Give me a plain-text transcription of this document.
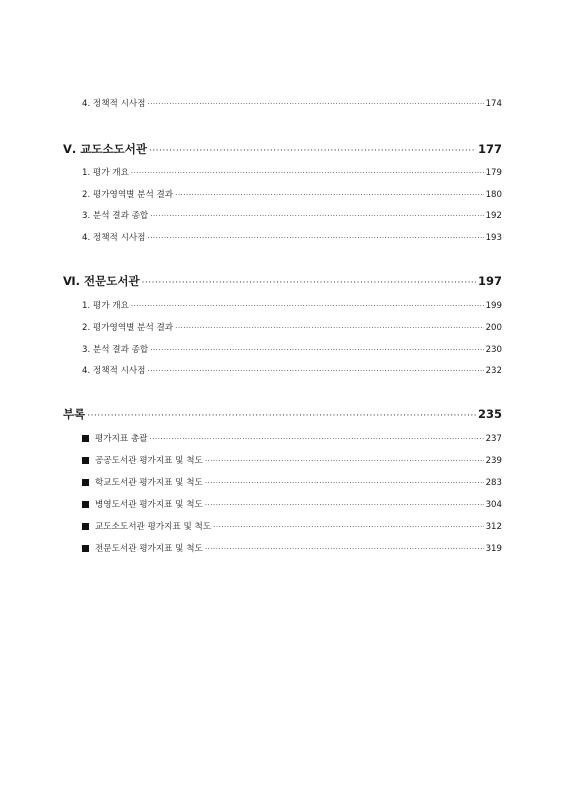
4. 정책적 시사점 ·····	174
Ⅴ. 교도소도서관 ·····	177
1. 평가 개요 ·····	179
2. 평가영역별 분석 결과 ·····	180
3. 분석 결과 종합 ·····	192
4. 정책적 시사점 ·····	193
Ⅵ. 전문도서관 ·····	197
1. 평가 개요 ·····	199
2. 평가영역별 분석 결과 ·····	200
3. 분석 결과 종합 ·····	230
4. 정책적 시사점 ·····	232
부록 ·····	235
평가지표 총괄 ·····	237
공공도서관 평가지표 및 척도 ·····	239
학교도서관 평가지표 및 척도 ·····	283
병영도서관 평가지표 및 척도 ·····	304
교도소도서관 평가지표 및 척도 ·····	312
전문도서관 평가지표 및 척도 ·····	319
